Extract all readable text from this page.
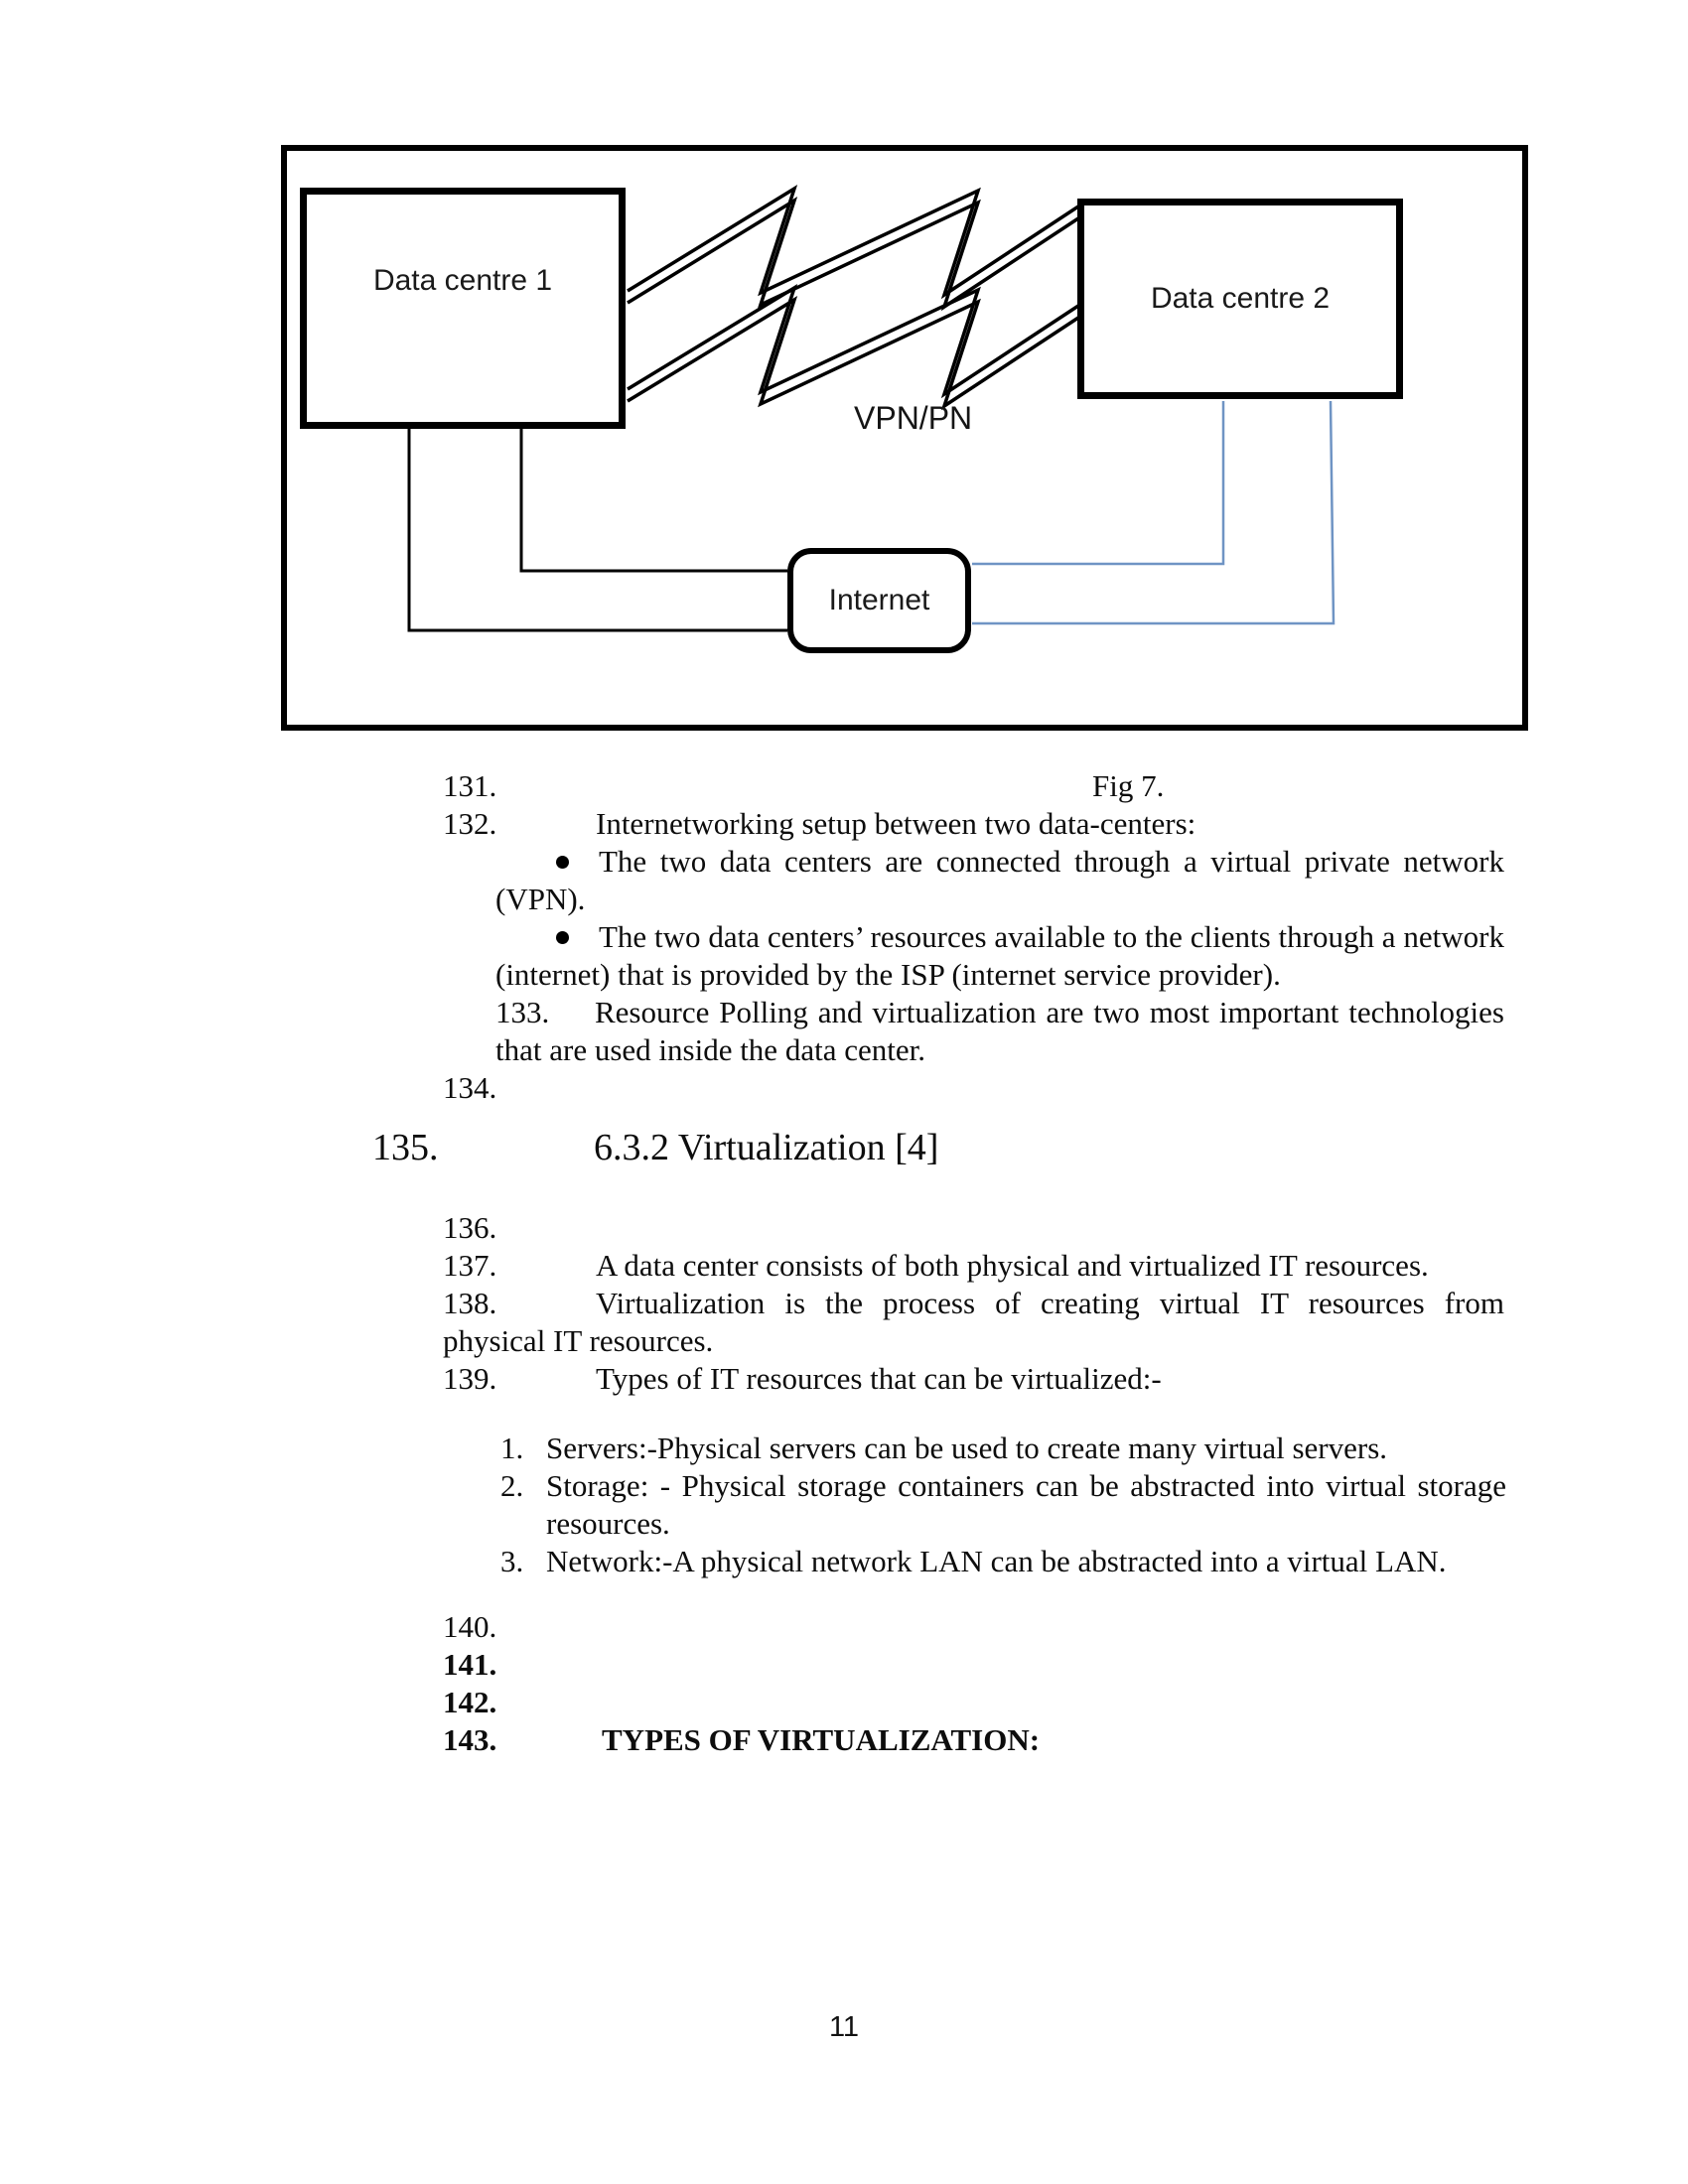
Data centre 1
Data centre 2
Internet
VPN/PN
131.	Fig 7.
132.	Internetworking setup between two data-centers:
The two data centers are connected through a virtual private network
(VPN).
The two data centers’ resources available to the clients through a network
(internet) that is provided by the ISP (internet service provider).
133. Resource Polling and virtualization are two most important technologies
that are used inside the data center.
134.
135.	6.3.2 Virtualization [4]
136.
137.	A data center consists of both physical and virtualized IT resources.
138.	Virtualization is the process of creating virtual IT resources from
physical IT resources.
139.	Types of IT resources that can be virtualized:-
1. Servers:-Physical servers can be used to create many virtual servers.
2. Storage: - Physical storage containers can be abstracted into virtual storage
resources.
3. Network:-A physical network LAN can be abstracted into a virtual LAN.
140.
141.
142.
143.	TYPES OF VIRTUALIZATION:
11
